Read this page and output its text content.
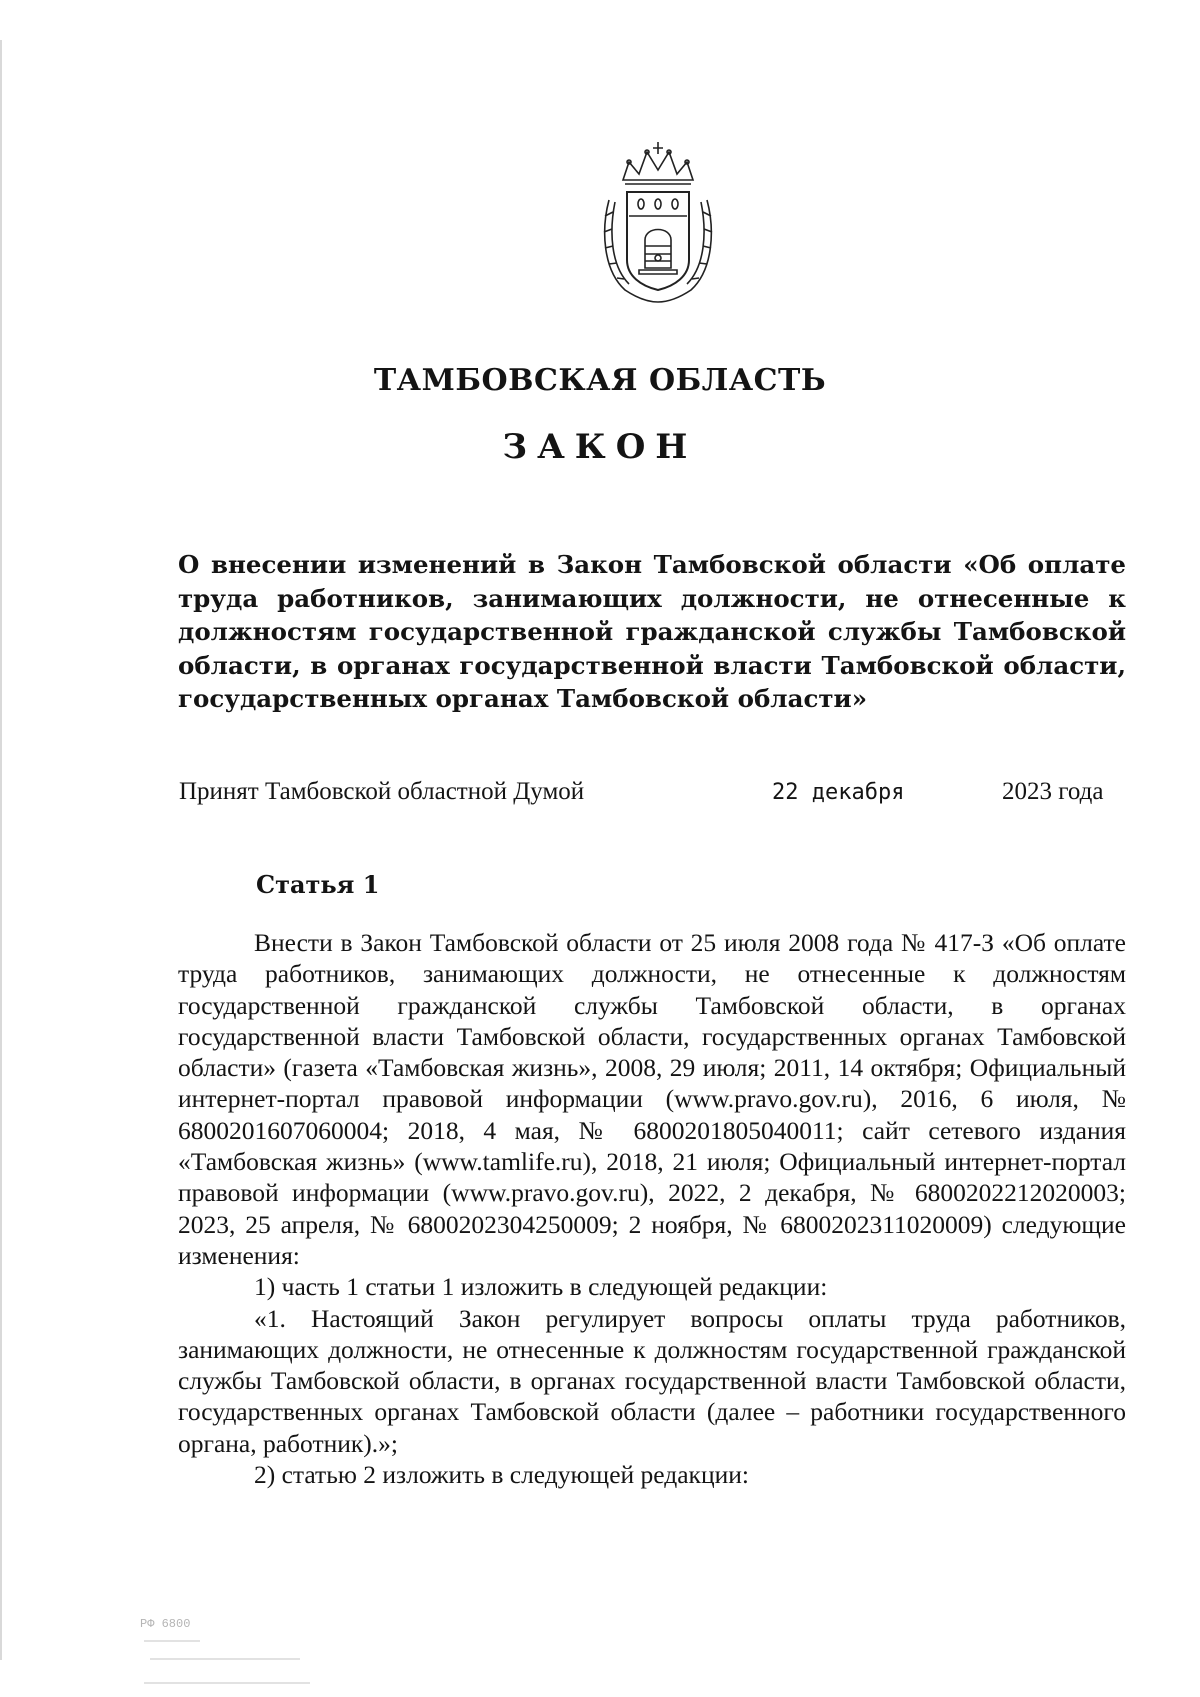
ТАМБОВСКАЯ ОБЛАСТЬ
ЗАКОН
О внесении изменений в Закон Тамбовской области «Об оплате труда работников, занимающих должности, не отнесенные к должностям государственной гражданской службы Тамбовской области, в органах государственной власти Тамбовской области, государственных органах Тамбовской области»
Принят Тамбовской областной Думой	22 декабря	2023 года
Статья 1

Внести в Закон Тамбовской области от 25 июля 2008 года № 417-З «Об оплате труда работников, занимающих должности, не отнесенные к должностям государственной гражданской службы Тамбовской области, в органах государственной власти Тамбовской области, государственных органах Тамбовской области» (газета «Тамбовская жизнь», 2008, 29 июля; 2011, 14 октября; Официальный интернет-портал правовой информации (www.pravo.gov.ru), 2016, 6 июля, № 6800201607060004; 2018, 4 мая, № 6800201805040011; сайт сетевого издания «Тамбовская жизнь» (www.tamlife.ru), 2018, 21 июля; Официальный интернет-портал правовой информации (www.pravo.gov.ru), 2022, 2 декабря, № 6800202212020003; 2023, 25 апреля, № 6800202304250009; 2 ноября, № 6800202311020009) следующие изменения:

1) часть 1 статьи 1 изложить в следующей редакции:

«1. Настоящий Закон регулирует вопросы оплаты труда работников, занимающих должности, не отнесенные к должностям государственной гражданской службы Тамбовской области, в органах государственной власти Тамбовской области, государственных органах Тамбовской области (далее – работники государственного органа, работник).»;

2) статью 2 изложить в следующей редакции:

РФ 6800
